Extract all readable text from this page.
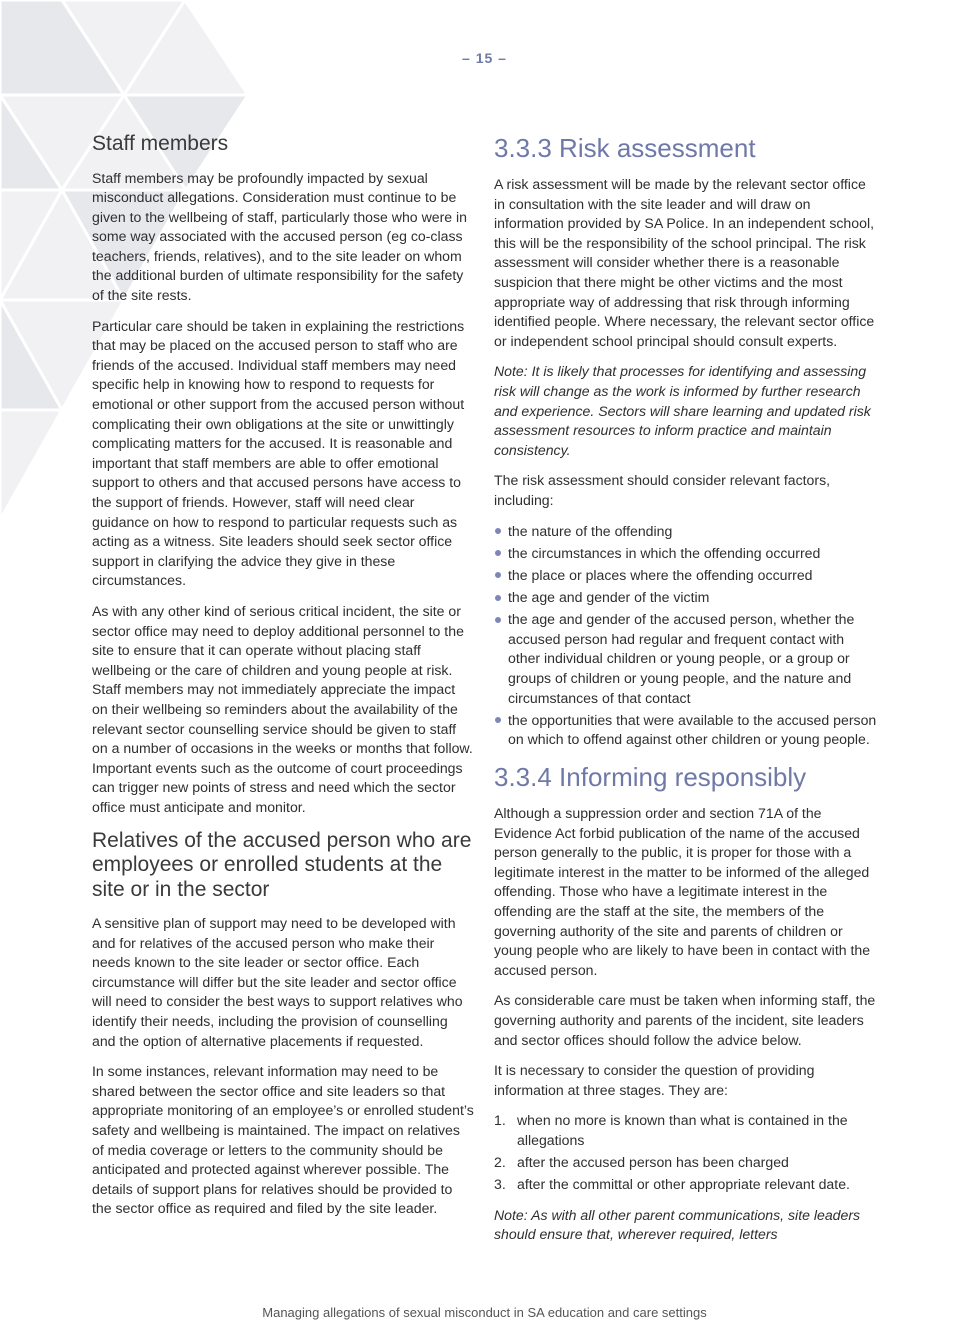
– 15 –
Staff members

Staff members may be profoundly impacted by sexual misconduct allegations. Consideration must continue to be given to the wellbeing of staff, particularly those who were in some way associated with the accused person (eg co-class teachers, friends, relatives), and to the site leader on whom the additional burden of ultimate responsibility for the safety of the site rests.

Particular care should be taken in explaining the restrictions that may be placed on the accused person to staff who are friends of the accused. Individual staff members may need specific help in knowing how to respond to requests for emotional or other support from the accused person without complicating their own obligations at the site or unwittingly complicating matters for the accused. It is reasonable and important that staff members are able to offer emotional support to others and that accused persons have access to the support of friends. However, staff will need clear guidance on how to respond to particular requests such as acting as a witness. Site leaders should seek sector office support in clarifying the advice they give in these circumstances.

As with any other kind of serious critical incident, the site or sector office may need to deploy additional personnel to the site to ensure that it can operate without placing staff wellbeing or the care of children and young people at risk. Staff members may not immediately appreciate the impact on their wellbeing so reminders about the availability of the relevant sector counselling service should be given to staff on a number of occasions in the weeks or months that follow. Important events such as the outcome of court proceedings can trigger new points of stress and need which the sector office must anticipate and monitor.

Relatives of the accused person who are employees or enrolled students at the site or in the sector

A sensitive plan of support may need to be developed with and for relatives of the accused person who make their needs known to the site leader or sector office. Each circumstance will differ but the site leader and sector office will need to consider the best ways to support relatives who identify their needs, including the provision of counselling and the option of alternative placements if requested.

In some instances, relevant information may need to be shared between the sector office and site leaders so that appropriate monitoring of an employee’s or enrolled student’s safety and wellbeing is maintained. The impact on relatives of media coverage or letters to the community should be anticipated and protected against wherever possible. The details of support plans for relatives should be provided to the sector office as required and filed by the site leader.

3.3.3 Risk assessment

A risk assessment will be made by the relevant sector office in consultation with the site leader and will draw on information provided by SA Police. In an independent school, this will be the responsibility of the school principal. The risk assessment will consider whether there is a reasonable suspicion that there might be other victims and the most appropriate way of addressing that risk through informing identified people. Where necessary, the relevant sector office or independent school principal should consult experts.

Note: It is likely that processes for identifying and assessing risk will change as the work is informed by further research and experience. Sectors will share learning and updated risk assessment resources to inform practice and maintain consistency.

The risk assessment should consider relevant factors, including:

the nature of the offending
the circumstances in which the offending occurred
the place or places where the offending occurred
the age and gender of the victim
the age and gender of the accused person, whether the accused person had regular and frequent contact with other individual children or young people, or a group or groups of children or young people, and the nature and circumstances of that contact
the opportunities that were available to the accused person on which to offend against other children or young people.
3.3.4 Informing responsibly

Although a suppression order and section 71A of the Evidence Act forbid publication of the name of the accused person generally to the public, it is proper for those with a legitimate interest in the matter to be informed of the alleged offending. Those who have a legitimate interest in the offending are the staff at the site, the members of the governing authority of the site and parents of children or young people who are likely to have been in contact with the accused person.

As considerable care must be taken when informing staff, the governing authority and parents of the incident, site leaders and sector offices should follow the advice below.

It is necessary to consider the question of providing information at three stages. They are:

1. when no more is known than what is contained in the allegations
2. after the accused person has been charged
3. after the committal or other appropriate relevant date.

Note: As with all other parent communications, site leaders should ensure that, wherever required, letters

Managing allegations of sexual misconduct in SA education and care settings
